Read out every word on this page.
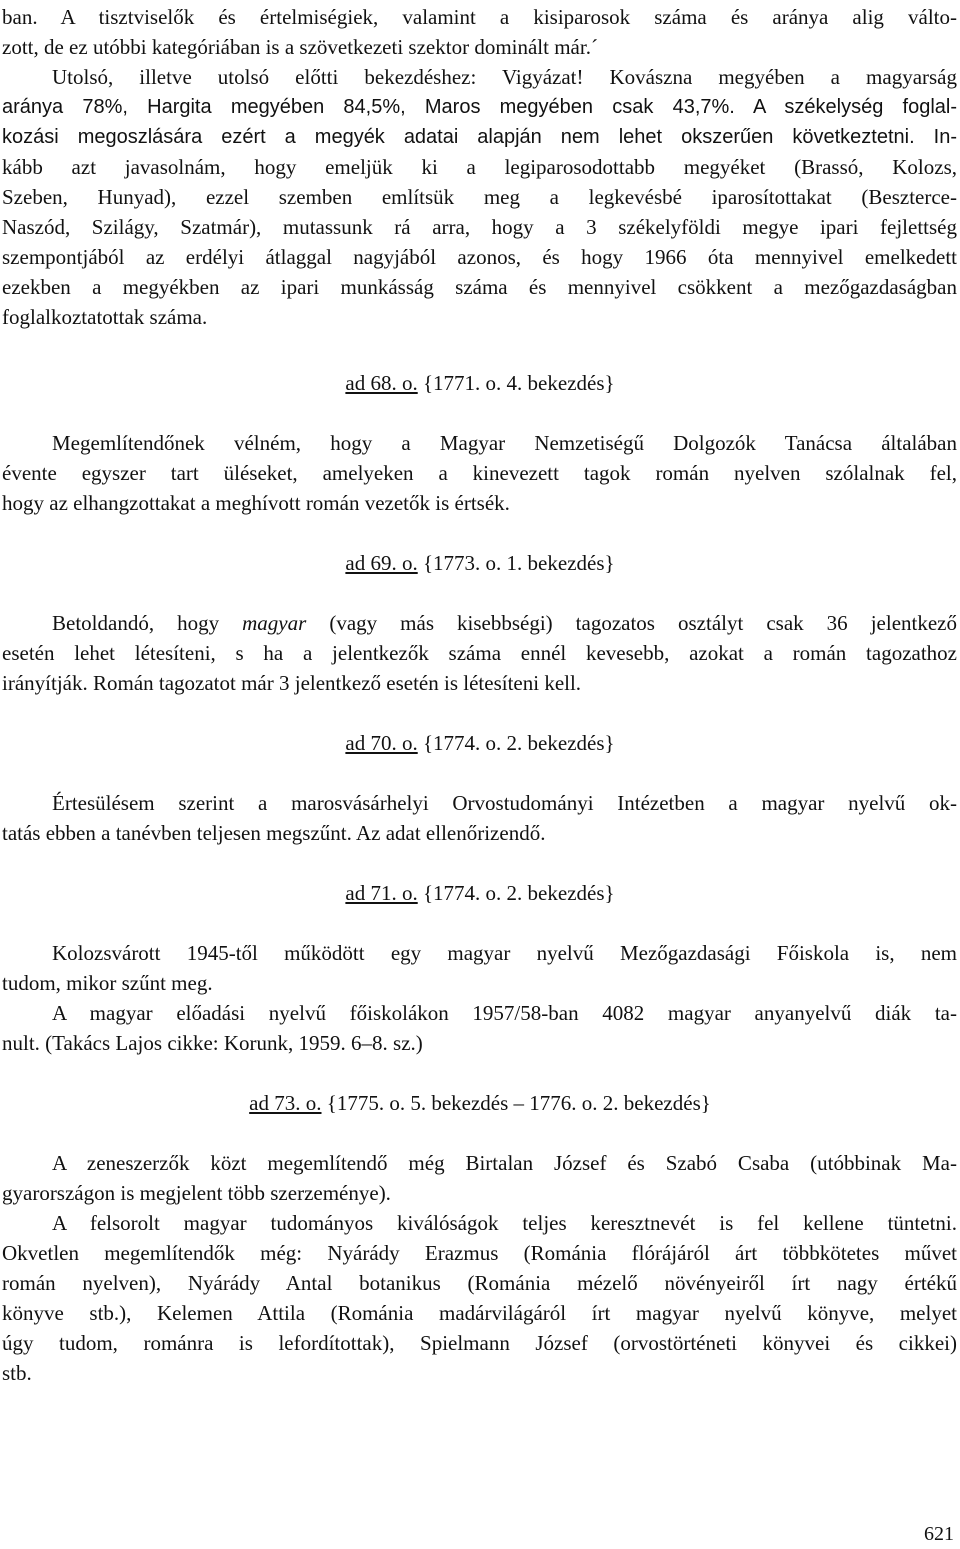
ban. A tisztviselők és értelmiségiek, valamint a kisiparosok száma és aránya alig válto-
zott, de ez utóbbi kategóriában is a szövetkezeti szektor dominált már.´
Utolsó, illetve utolsó előtti bekezdéshez: Vigyázat! Kovászna megyében a magyarság
aránya 78%, Hargita megyében 84,5%, Maros megyében csak 43,7%. A székelység foglal-
kozási megoszlására ezért a megyék adatai alapján nem lehet okszerűen következtetni. In-
kább azt javasolnám, hogy emeljük ki a legiparosodottabb megyéket (Brassó, Kolozs,
Szeben, Hunyad), ezzel szemben említsük meg a legkevésbé iparosítottakat (Beszterce-
Naszód, Szilágy, Szatmár), mutassunk rá arra, hogy a 3 székelyföldi megye ipari fejlettség
szempontjából az erdélyi átlaggal nagyjából azonos, és hogy 1966 óta mennyivel emelkedett
ezekben a megyékben az ipari munkásság száma és mennyivel csökkent a mezőgazdaságban
foglalkoztatottak száma.
ad 68. o. {1771. o. 4. bekezdés}
Megemlítendőnek vélném, hogy a Magyar Nemzetiségű Dolgozók Tanácsa általában
évente egyszer tart üléseket, amelyeken a kinevezett tagok román nyelven szólalnak fel,
hogy az elhangzottakat a meghívott román vezetők is értsék.
ad 69. o. {1773. o. 1. bekezdés}
Betoldandó, hogy magyar (vagy más kisebbségi) tagozatos osztályt csak 36 jelentkező
esetén lehet létesíteni, s ha a jelentkezők száma ennél kevesebb, azokat a román tagozathoz
irányítják. Román tagozatot már 3 jelentkező esetén is létesíteni kell.
ad 70. o. {1774. o. 2. bekezdés}
Értesülésem szerint a marosvásárhelyi Orvostudományi Intézetben a magyar nyelvű ok-
tatás ebben a tanévben teljesen megszűnt. Az adat ellenőrizendő.
ad 71. o. {1774. o. 2. bekezdés}
Kolozsvárott 1945-től működött egy magyar nyelvű Mezőgazdasági Főiskola is, nem
tudom, mikor szűnt meg.
A magyar előadási nyelvű főiskolákon 1957/58-ban 4082 magyar anyanyelvű diák ta-
nult. (Takács Lajos cikke: Korunk, 1959. 6–8. sz.)
ad 73. o. {1775. o. 5. bekezdés – 1776. o. 2. bekezdés}
A zeneszerzők közt megemlítendő még Birtalan József és Szabó Csaba (utóbbinak Ma-
gyarországon is megjelent több szerzeménye).
A felsorolt magyar tudományos kiválóságok teljes keresztnevét is fel kellene tüntetni.
Okvetlen megemlítendők még: Nyárády Erazmus (Románia flórájáról árt többkötetes művet
román nyelven), Nyárády Antal botanikus (Románia mézelő növényeiről írt nagy értékű
könyve stb.), Kelemen Attila (Románia madárvilágáról írt magyar nyelvű könyve, melyet
úgy tudom, románra is lefordítottak), Spielmann József (orvostörténeti könyvei és cikkei)
stb.
621
